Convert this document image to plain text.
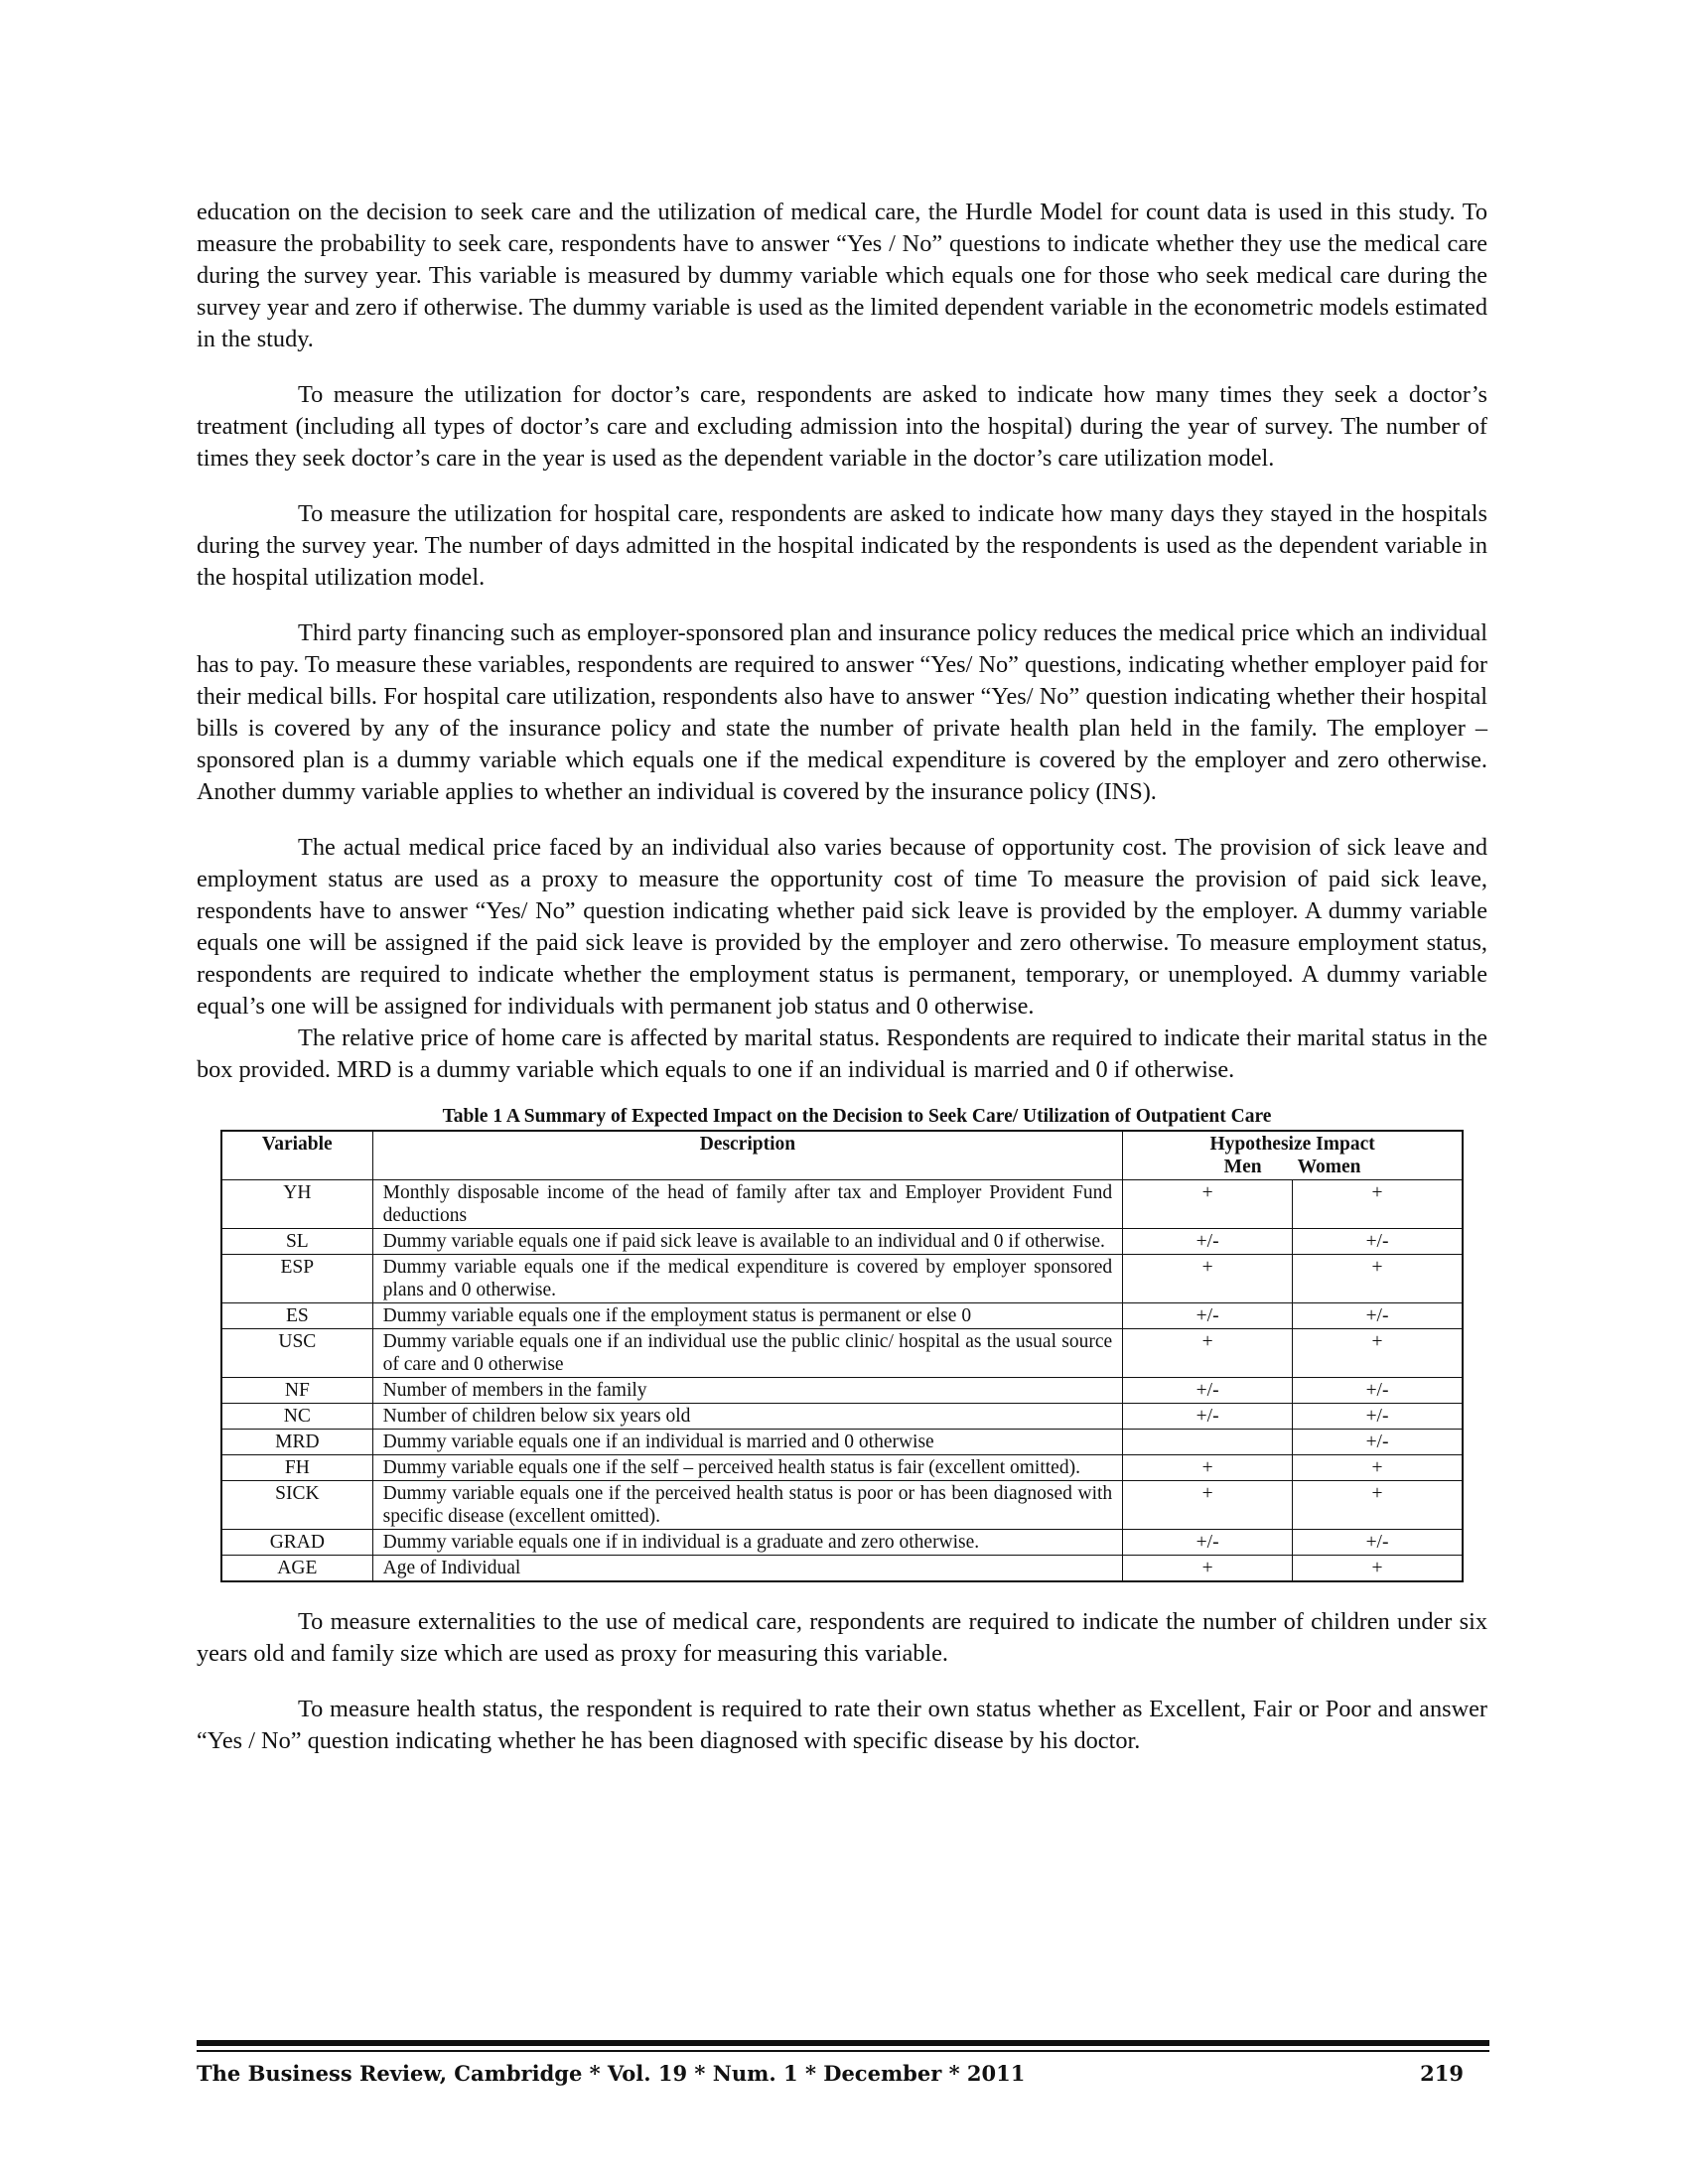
education on the decision to seek care and the utilization of medical care, the Hurdle Model for count data is used in this study. To measure the probability to seek care, respondents have to answer “Yes / No” questions to indicate whether they use the medical care during the survey year. This variable is measured by dummy variable which equals one for those who seek medical care during the survey year and zero if otherwise. The dummy variable is used as the limited dependent variable in the econometric models estimated in the study.

To measure the utilization for doctor’s care, respondents are asked to indicate how many times they seek a doctor’s treatment (including all types of doctor’s care and excluding admission into the hospital) during the year of survey. The number of times they seek doctor’s care in the year is used as the dependent variable in the doctor’s care utilization model.

To measure the utilization for hospital care, respondents are asked to indicate how many days they stayed in the hospitals during the survey year. The number of days admitted in the hospital indicated by the respondents is used as the dependent variable in the hospital utilization model.

Third party financing such as employer-sponsored plan and insurance policy reduces the medical price which an individual has to pay. To measure these variables, respondents are required to answer “Yes/ No” questions, indicating whether employer paid for their medical bills. For hospital care utilization, respondents also have to answer “Yes/ No” question indicating whether their hospital bills is covered by any of the insurance policy and state the number of private health plan held in the family. The employer – sponsored plan is a dummy variable which equals one if the medical expenditure is covered by the employer and zero otherwise. Another dummy variable applies to whether an individual is covered by the insurance policy (INS).

The actual medical price faced by an individual also varies because of opportunity cost. The provision of sick leave and employment status are used as a proxy to measure the opportunity cost of time To measure the provision of paid sick leave, respondents have to answer “Yes/ No” question indicating whether paid sick leave is provided by the employer. A dummy variable equals one will be assigned if the paid sick leave is provided by the employer and zero otherwise. To measure employment status, respondents are required to indicate whether the employment status is permanent, temporary, or unemployed. A dummy variable equal’s one will be assigned for individuals with permanent job status and 0 otherwise.

The relative price of home care is affected by marital status. Respondents are required to indicate their marital status in the box provided. MRD is a dummy variable which equals to one if an individual is married and 0 if otherwise.

Table 1 A Summary of Expected Impact on the Decision to Seek Care/ Utilization of Outpatient Care
Variable	Description	Hypothesize Impact
Men Women	

YH	Monthly disposable income of the head of family after tax and Employer Provident Fund deductions	+	+
SL	Dummy variable equals one if paid sick leave is available to an individual and 0 if otherwise.	+/-	+/-
ESP	Dummy variable equals one if the medical expenditure is covered by employer sponsored plans and 0 otherwise.	+	+
ES	Dummy variable equals one if the employment status is permanent or else 0	+/-	+/-
USC	Dummy variable equals one if an individual use the public clinic/ hospital as the usual source of care and 0 otherwise	+	+
NF	Number of members in the family	+/-	+/-
NC	Number of children below six years old	+/-	+/-
MRD	Dummy variable equals one if an individual is married and 0 otherwise		+/-
FH	Dummy variable equals one if the self – perceived health status is fair (excellent omitted).	+	+
SICK	Dummy variable equals one if the perceived health status is poor or has been diagnosed with specific disease (excellent omitted).	+	+
GRAD	Dummy variable equals one if in individual is a graduate and zero otherwise.	+/-	+/-
AGE	Age of Individual	+	+

To measure externalities to the use of medical care, respondents are required to indicate the number of children under six years old and family size which are used as proxy for measuring this variable.

To measure health status, the respondent is required to rate their own status whether as Excellent, Fair or Poor and answer “Yes / No” question indicating whether he has been diagnosed with specific disease by his doctor.

The Business Review, Cambridge * Vol. 19 * Num. 1 * December * 2011	219
